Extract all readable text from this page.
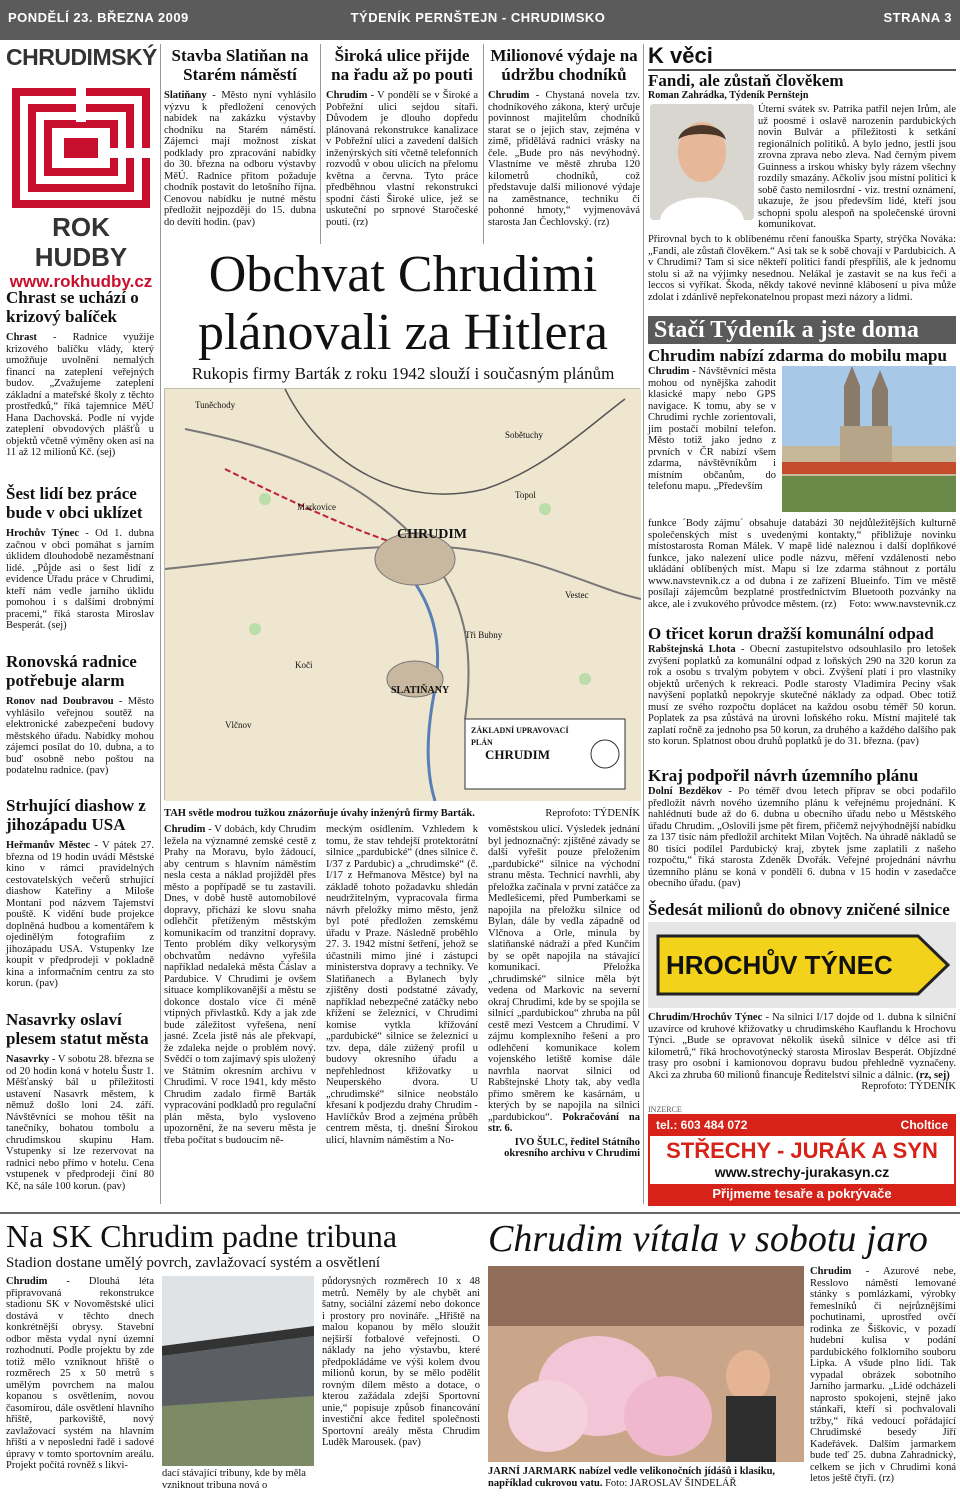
PONDĚLÍ 23. BŘEZNA 2009	TÝDENÍK PERNŠTEJN - CHRUDIMSKO	STRANA 3
CHRUDIMSKÝ
ROK HUDBY
www.rokhudby.cz
Chrast se uchází o krizový balíček
Chrast - Radnice využije krizového balíčku vlády, který umožňuje uvolnění nemalých financí na zateplení veřejných budov. „Zvažujeme zateplení základní a mateřské školy z těchto prostředků,“ říká tajemnice MěÚ Hana Dachovská. Podle ní vyjde zateplení obvodových plášťů u objektů včetně výměny oken asi na 11 až 12 milionů Kč. (sej)
Šest lidí bez práce bude v obci uklízet
Hrochův Týnec - Od 1. dubna začnou v obci pomáhat s jarním úklidem dlouhodobě nezaměstnaní lidé. „Půjde asi o šest lidí z evidence Úřadu práce v Chrudimi, kteří nám vedle jarního úklidu pomohou i s dalšími drobnými pracemi,“ říká starosta Miroslav Besperát. (sej)
Ronovská radnice potřebuje alarm
Ronov nad Doubravou - Město vyhlásilo veřejnou soutěž na elektronické zabezpečení budovy městského úřadu. Nabídky mohou zájemci posílat do 10. dubna, a to buď osobně nebo poštou na podatelnu radnice. (pav)
Strhující diashow z jihozápadu USA
Heřmanův Městec - V pátek 27. března od 19 hodin uvádí Městské kino v rámci pravidelných cestovatelských večerů strhující diashow Kateřiny a Miloše Montani pod názvem Tajemství pouště. K vidění bude projekce doplněná hudbou a komentářem k ojedinělým fotografiím z jihozápadu USA. Vstupenky lze koupit v předprodeji v pokladně kina a informačním centru za sto korun. (pav)
Nasavrky oslaví plesem statut města
Nasavrky - V sobotu 28. března se od 20 hodin koná v hotelu Šustr 1. Měšťanský bál u příležitosti ustavení Nasavrk městem, k němuž došlo loni 24. září. Návštěvníci se mohou těšit na tanečníky, bohatou tombolu a chrudimskou skupinu Ham. Vstupenky si lze rezervovat na radnici nebo přímo v hotelu. Cena vstupenek v předprodeji činí 80 Kč, na sále 100 korun. (pav)
Stavba Slatiňan na Starém náměstí
Slatiňany - Město nyní vyhlásilo výzvu k předložení cenových nabídek na zakázku výstavby chodníku na Starém náměstí. Zájemci mají možnost získat podklady pro zpracování nabídky do 30. března na odboru výstavby MěÚ. Radnice přitom požaduje chodník postavit do letošního října. Cenovou nabídku je nutné městu předložit nejpozději do 15. dubna do devíti hodin. (pav)
Široká ulice přijde na řadu až po pouti
Chrudim - V pondělí se v Široké a Pobřežní ulici sejdou sítaři. Důvodem je dlouho dopředu plánovaná rekonstrukce kanalizace v Pobřežní ulici a zavedení dalších inženýrských sítí včetně telefonních rozvodů v obou ulicích na přelomu května a června. Tyto práce předběhnou vlastní rekonstrukci spodní části Široké ulice, jež se uskuteční po srpnové Staročeské pouti. (rz)
Milionové výdaje na údržbu chodníků
Chrudim - Chystaná novela tzv. chodníkového zákona, který určuje povinnost majitelům chodníků starat se o jejich stav, zejména v zimě, přidělává radnici vrásky na čele. „Bude pro nás nevýhodný. Vlastníme ve městě zhruba 120 kilometrů chodníků, což představuje další milionové výdaje na zaměstnance, techniku či pohonné hmoty,“ vyjmenovává starosta Jan Čechlovský. (rz)
Obchvat Chrudimi
plánovali za Hitlera
Rukopis firmy Barták z roku 1942 slouží i současným plánům
CHRUDIM
SLATIŇANY
Markovice
Topol
Tuněchody
Kočí
Vestec
Sobětuchy
Tři Bubny
Vlčnov
ZÁKLADNÍ UPRAVOVACÍ PLÁN
CHRUDIM
TAH světle modrou tužkou znázorňuje úvahy inženýrů firmy Barták.	Reprofoto: TÝDENÍK
Chrudim - V dobách, kdy Chrudim ležela na významné zemské cestě z Prahy na Moravu, bylo žádoucí, aby centrum s hlavním náměstím nesla cesta a náklad projížděl přes město a popřípadě se tu zastavili. Dnes, v době hustě automobilové dopravy, přichází ke slovu snaha odlehčit přetíženým městským komunikacím od tranzitní dopravy. Tento problém díky velkorysým obchvatům nedávno vyřešila například nedaleká města Čáslav a Pardubice. V Chrudimi je ovšem situace komplikovanější a městu se dokonce dostalo více či méně vtipných přívlastků. Kdy a jak zde bude záležitost vyřešena, není jasné. Zcela jistě nás ale překvapí, že zdaleka nejde o problém nový. Svědčí o tom zajímavý spis uložený ve Státním okresním archivu v Chrudimi. V roce 1941, kdy město Chrudim zadalo firmě Barták vypracování podkladů pro regulační plán města, bylo vysloveno upozornění, že na severu města je třeba počítat s budoucím ně-
meckým osídlením. Vzhledem k tomu, že stav tehdejší protektorátní silnice „pardubické“ (dnes silnice č. I/37 z Pardubic) a „chrudimské“ (č. I/17 z Heřmanova Městce) byl na základě tohoto požadavku shledán neudržitelným, vypracovala firma návrh přeložky mimo město, jenž byl poté předložen zemskému úřadu v Praze. Následně proběhlo 27. 3. 1942 místní šetření, jehož se účastnili mimo jiné i zástupci ministerstva dopravy a techniky. Ve Slatiňanech a Bylanech byly zjištěny dosti podstatné závady, například nebezpečné zatáčky nebo křížení se železnicí, v Chrudimi komise vytkla křížování „pardubické“ silnice se železnicí u tzv. depa, dále zúžený profil u budovy okresního úřadu a nepřehlednost křižovatky u Neuperského dvora. U „chrudimské“ silnice neobstálo křesaní k podjezdu drahy Chrudim - Havlíčkův Brod a zejména průběh centrem města, tj. dnešní Širokou ulicí, hlavním náměstím a No-
voměstskou ulicí. Výsledek jednání byl jednoznačný: zjištěné závady se další vyřešit pouze přeložením „pardubické“ silnice na východní stranu města. Technicí navrhli, aby přeložka začínala v první zatáčce za Medlešicemi, před Pumberkami se napojila na přeložku silnice od Bylan, dále by vedla západně od Vlčnova a Orle, minula by slatiňanské nádraží a před Kunčím by se opět napojila na stávající komunikaci. Přeložka „chrudimské“ silnice měla být vedena od Markovic na severní okraj Chrudimi, kde by se spojila se silnicí „pardubickou“ zhruba na půl cestě mezi Vestcem a Chrudimí. V zájmu komplexního řešení a pro odlehčení komunikace kolem vojenského letiště komise dále navrhla naorvat silnici od Rabštejnské Lhoty tak, aby vedla přímo směrem ke kasárnám, u kterých by se napojila na silnici „pardubickou“. Pokračování na str. 6.
IVO ŠULC, ředitel Státního okresního archivu v Chrudimi
K věci
Fandi, ale zůstaň člověkem
Roman Zahrádka, Týdeník Pernštejn
Úterní svátek sv. Patrika patřil nejen Irům, ale už poosmé i oslavě narozenin pardubických novin Bulvár a příležitosti k setkání regionálních politiků. A bylo jedno, jestli jsou zrovna zprava nebo zleva. Nad černým pivem Guinness a irskou whisky byly rázem všechny rozdíly smazány. Ačkoliv jsou místní politici k sobě často nemilosrdní - viz. trestní oznámení, ukazuje, že jsou především lidé, kteří jsou schopni spolu alespoň na společenské úrovni komunikovat.
Přirovnal bych to k oblíbenému rčení fanouška Sparty, strýčka Nováka: „Fandi, ale zůstaň člověkem.“ Asi tak se k sobě chovají v Pardubicích. A v Chrudimi? Tam si sice někteří politici fandí přespříliš, ale k jednomu stolu si až na výjimky nesednou. Nelákal je zastavit se na kus řeči a leccos si vyříkat. Škoda, někdy takové nevinné klábosení u piva může zdolat i zdánlivě nepřekonatelnou propast mezi názory a lidmi.
Stačí Týdeník a jste doma
Chrudim nabízí zdarma do mobilu mapu
Chrudim - Návštěvníci města mohou od nynějška zahodit klasické mapy nebo GPS navigace. K tomu, aby se v Chrudimi rychle zorientovali, jim postačí mobilní telefon. Město totiž jako jedno z prvních v ČR nabízí všem zdarma, návštěvníkům i místním občanům, do telefonu mapu. „Především
funkce ´Body zájmu´ obsahuje databázi 30 nejdůležitějších kulturně společenských míst s uvedenými kontakty,“ přibližuje novinku místostarosta Roman Málek. V mapě lidé naleznou i další doplňkové funkce, jako nalezení ulice podle názvu, měření vzdáleností nebo ukládání oblíbených míst. Mapu si lze zdarma stáhnout z portálu www.navstevnik.cz a od dubna i ze zařízení Blueinfo. Tím ve městě posílají zájemcům bezplatné prostřednictvím Bluetooth pozvánky na akce, ale i zvukového průvodce městem. (rz) Foto: www.navstevnik.cz
O třicet korun dražší komunální odpad
Rabštejnská Lhota - Obecní zastupitelstvo odsouhlasilo pro letošek zvýšení poplatků za komunální odpad z loňských 290 na 320 korun za rok a osobu s trvalým pobytem v obci. Zvýšení platí i pro vlastníky objektů určených k rekreaci. Podle starosty Vladimíra Peciny však navýšení poplatků nepokryje skutečné náklady za odpad. Obec totiž musí ze svého rozpočtu doplácet na každou osobu téměř 50 korun. Poplatek za psa zůstává na úrovni loňského roku. Místní majitelé tak zaplatí ročně za jednoho psa 50 korun, za druhého a každého dalšího pak sto korun. Splatnost obou druhů poplatků je do 31. března. (pav)
Kraj podpořil návrh územního plánu
Dolní Bezděkov - Po téměř dvou letech příprav se obci podařilo předložit návrh nového územního plánu k veřejnému projednání. K nahlédnutí bude až do 6. dubna u obecního úřadu nebo u Městského úřadu Chrudim. „Oslovili jsme pět firem, přičemž nejvýhodnější nabídku za 137 tisíc nám předložil architekt Milan Vojtěch. Na úhradě nákladů se 80 tisíci podílel Pardubický kraj, zbytek jsme zaplatili z našeho rozpočtu,“ říká starosta Zdeněk Dvořák. Veřejné projednání návrhu územního plánu se koná v pondělí 6. dubna v 15 hodin v zasedačce obecního úřadu. (pav)
Šedesát milionů do obnovy zničené silnice
HROCHŮV TÝNEC
Chrudim/Hrochův Týnec - Na silnici I/17 dojde od 1. dubna k silniční uzavírce od kruhové křižovatky u chrudimského Kauflandu k Hrochovu Týnci. „Bude se opravovat několik úseků silnice v délce asi tři kilometrů,“ říká hrochovotýnecký starosta Miroslav Besperát. Objízdné trasy pro osobní i kamionovou dopravu budou přehledně vyznačeny. Akci za zhruba 60 milionů financuje Ředitelství silnic a dálnic. (rz, sej)
Reprofoto: TÝDENÍK
INZERCE
tel.: 603 484 072	Choltice
STŘECHY - JURÁK A SYN
www.strechy-jurakasyn.cz
Přijmeme tesaře a pokrývače
Na SK Chrudim padne tribuna
Stadion dostane umělý povrch, zavlažovací systém a osvětlení
Chrudim - Dlouhá léta připravovaná rekonstrukce stadionu SK v Novoměstské ulici dostává v těchto dnech konkrétnější obrysy. Stavební odbor města vydal nyní územní rozhodnutí. Podle projektu by zde totiž mělo vzniknout hřiště o rozměrech 25 x 50 metrů s umělým povrchem na malou kopanou s osvětlením, novou časomírou, dále osvětlení hlavního hřiště, parkoviště, nový zavlažovací systém na hlavním hřišti a v neposlední řadě i sadové úpravy v tomto sportovním areálu. Projekt počítá rovněž s likvi-
dací stávající tribuny, kde by měla vzniknout tribuna nová o
půdorysných rozměrech 10 x 48 metrů. Neměly by ale chybět ani šatny, sociální zázemí nebo dokonce i prostory pro novináře. „Hřiště na malou kopanou by mělo sloužit nejširší fotbalové veřejnosti. O náklady na jeho výstavbu, které předpokládáme ve výši kolem dvou milionů korun, by se mělo podělit rovným dílem město a dotace, o kterou zažádala zdejší Sportovní unie,“ popisuje způsob financování investiční akce ředitel společnosti Sportovní areály města Chrudim Luděk Marousek. (pav)
Chrudim vítala v sobotu jaro
JARNÍ JARMARK nabízel vedle velikonočních jídášů i klasiku, například cukrovou vatu. Foto: JAROSLAV ŠINDELÁŘ
Chrudim - Azurové nebe, Resslovo náměstí lemované stánky s pomlázkami, výrobky řemeslníků či nejrůznějšími pochutinami, uprostřed ovčí rodinka ze Šiškovic, v pozadí hudební kulisa v podání pardubického folklorního souboru Lipka. A všude plno lidí. Tak vypadal obrázek sobotního Jarního jarmarku. „Lidé odcházeli naprosto spokojeni, stejně jako stánkaři, kteří si pochvalovali tržby,“ říká vedoucí pořádající Chrudimské besedy Jiří Kadeřávek. Dalším jarmarkem bude teď 25. dubna Zahradnický, celkem se jich v Chrudimi koná letos ještě čtyři. (rz)
